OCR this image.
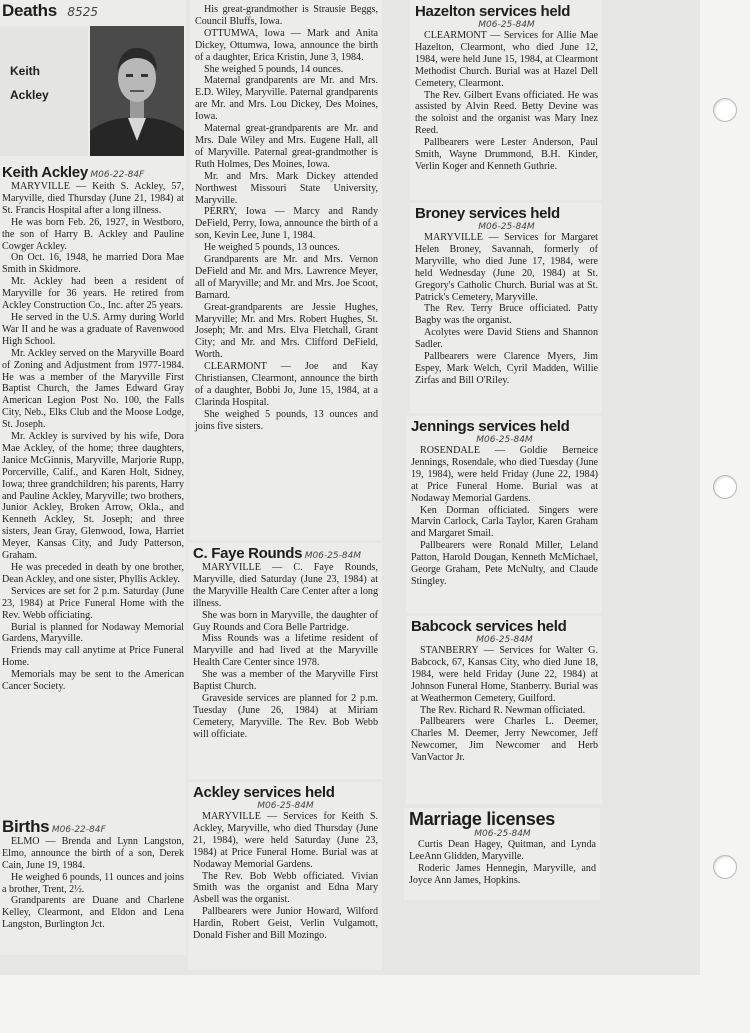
Deaths 8525
Keith
Ackley
Keith Ackley M06-22-84F

MARYVILLE — Keith S. Ackley, 57, Maryville, died Thursday (June 21, 1984) at St. Francis Hospital after a long illness.

He was born Feb. 26, 1927, in Westboro, the son of Harry B. Ackley and Pauline Cowger Ackley.

On Oct. 16, 1948, he married Dora Mae Smith in Skidmore.

Mr. Ackley had been a resident of Maryville for 36 years. He retired from Ackley Construction Co., Inc. after 25 years.

He served in the U.S. Army during World War II and he was a graduate of Ravenwood High School.

Mr. Ackley served on the Maryville Board of Zoning and Adjustment from 1977-1984. He was a member of the Maryville First Baptist Church, the James Edward Gray American Legion Post No. 100, the Falls City, Neb., Elks Club and the Moose Lodge, St. Joseph.

Mr. Ackley is survived by his wife, Dora Mae Ackley, of the home; three daughters, Janice McGinnis, Maryville, Marjorie Rupp, Porcerville, Calif., and Karen Holt, Sidney, Iowa; three grandchildren; his parents, Harry and Pauline Ackley, Maryville; two brothers, Junior Ackley, Broken Arrow, Okla., and Kenneth Ackley, St. Joseph; and three sisters, Jean Gray, Glenwood, Iowa, Harriet Meyer, Kansas City, and Judy Patterson, Graham.

He was preceded in death by one brother, Dean Ackley, and one sister, Phyllis Ackley.

Services are set for 2 p.m. Saturday (June 23, 1984) at Price Funeral Home with the Rev. Webb officiating.

Burial is planned for Nodaway Memorial Gardens, Maryville.

Friends may call anytime at Price Funeral Home.

Memorials may be sent to the American Cancer Society.

Births M06-22-84F

ELMO — Brenda and Lynn Langston, Elmo, announce the birth of a son, Derek Cain, June 19, 1984.

He weighed 6 pounds, 11 ounces and joins a brother, Trent, 2½.

Grandparents are Duane and Charlene Kelley, Clearmont, and Eldon and Lena Langston, Burlington Jct.

His great-grandmother is Strausie Beggs, Council Bluffs, Iowa.

OTTUMWA, Iowa — Mark and Anita Dickey, Ottumwa, Iowa, announce the birth of a daughter, Erica Kristin, June 3, 1984.

She weighed 5 pounds, 14 ounces.

Maternal grandparents are Mr. and Mrs. E.D. Wiley, Maryville. Paternal grandparents are Mr. and Mrs. Lou Dickey, Des Moines, Iowa.

Maternal great-grandparents are Mr. and Mrs. Dale Wiley and Mrs. Eugene Hall, all of Maryville. Paternal great-grandmother is Ruth Holmes, Des Moines, Iowa.

Mr. and Mrs. Mark Dickey attended Northwest Missouri State University, Maryville.

PERRY, Iowa — Marcy and Randy DeField, Perry, Iowa, announce the birth of a son, Kevin Lee, June 1, 1984.

He weighed 5 pounds, 13 ounces.

Grandparents are Mr. and Mrs. Vernon DeField and Mr. and Mrs. Lawrence Meyer, all of Maryville; and Mr. and Mrs. Joe Scoot, Barnard.

Great-grandparents are Jessie Hughes, Maryville; Mr. and Mrs. Robert Hughes, St. Joseph; Mr. and Mrs. Elva Fletchall, Grant City; and Mr. and Mrs. Clifford DeField, Worth.

CLEARMONT — Joe and Kay Christiansen, Clearmont, announce the birth of a daughter, Bobbi Jo, June 15, 1984, at a Clarinda Hospital.

She weighed 5 pounds, 13 ounces and joins five sisters.

C. Faye Rounds M06-25-84M

MARYVILLE — C. Faye Rounds, Maryville, died Saturday (June 23, 1984) at the Maryville Health Care Center after a long illness.

She was born in Maryville, the daughter of Guy Rounds and Cora Belle Partridge.

Miss Rounds was a lifetime resident of Maryville and had lived at the Maryville Health Care Center since 1978.

She was a member of the Maryville First Baptist Church.

Graveside services are planned for 2 p.m. Tuesday (June 26, 1984) at Miriam Cemetery, Maryville. The Rev. Bob Webb will officiate.

Ackley services held
M06-25-84M

MARYVILLE — Services for Keith S. Ackley, Maryville, who died Thursday (June 21, 1984), were held Saturday (June 23, 1984) at Price Funeral Home. Burial was at Nodaway Memorial Gardens.

The Rev. Bob Webb officiated. Vivian Smith was the organist and Edna Mary Asbell was the organist.

Pallbearers were Junior Howard, Wilford Hardin, Robert Geist, Verlin Vulgamott, Donald Fisher and Bill Mozingo.

Hazelton services held
M06-25-84M

CLEARMONT — Services for Allie Mae Hazelton, Clearmont, who died June 12, 1984, were held June 15, 1984, at Clearmont Methodist Church. Burial was at Hazel Dell Cemetery, Clearmont.

The Rev. Gilbert Evans officiated. He was assisted by Alvin Reed. Betty Devine was the soloist and the organist was Mary Inez Reed.

Pallbearers were Lester Anderson, Paul Smith, Wayne Drummond, B.H. Kinder, Verlin Koger and Kenneth Guthrie.

Broney services held
M06-25-84M

MARYVILLE — Services for Margaret Helen Broney, Savannah, formerly of Maryville, who died June 17, 1984, were held Wednesday (June 20, 1984) at St. Gregory's Catholic Church. Burial was at St. Patrick's Cemetery, Maryville.

The Rev. Terry Bruce officiated. Patty Bagby was the organist.

Acolytes were David Stiens and Shannon Sadler.

Pallbearers were Clarence Myers, Jim Espey, Mark Welch, Cyril Madden, Willie Zirfas and Bill O'Riley.

Jennings services held
M06-25-84M

ROSENDALE — Goldie Berneice Jennings, Rosendale, who died Tuesday (June 19, 1984), were held Friday (June 22, 1984) at Price Funeral Home. Burial was at Nodaway Memorial Gardens.

Ken Dorman officiated. Singers were Marvin Carlock, Carla Taylor, Karen Graham and Margaret Smail.

Pallbearers were Ronald Miller, Leland Patton, Harold Dougan, Kenneth McMichael, George Graham, Pete McNulty, and Claude Stingley.

Babcock services held
M06-25-84M

STANBERRY — Services for Walter G. Babcock, 67, Kansas City, who died June 18, 1984, were held Friday (June 22, 1984) at Johnson Funeral Home, Stanberry. Burial was at Weathermon Cemetery, Guilford.

The Rev. Richard R. Newman officiated.

Pallbearers were Charles L. Deemer, Charles M. Deemer, Jerry Newcomer, Jeff Newcomer, Jim Newcomer and Herb VanVactor Jr.

Marriage licenses
M06-25-84M

Curtis Dean Hagey, Quitman, and Lynda LeeAnn Glidden, Maryville.

Roderic James Hennegin, Maryville, and Joyce Ann James, Hopkins.
